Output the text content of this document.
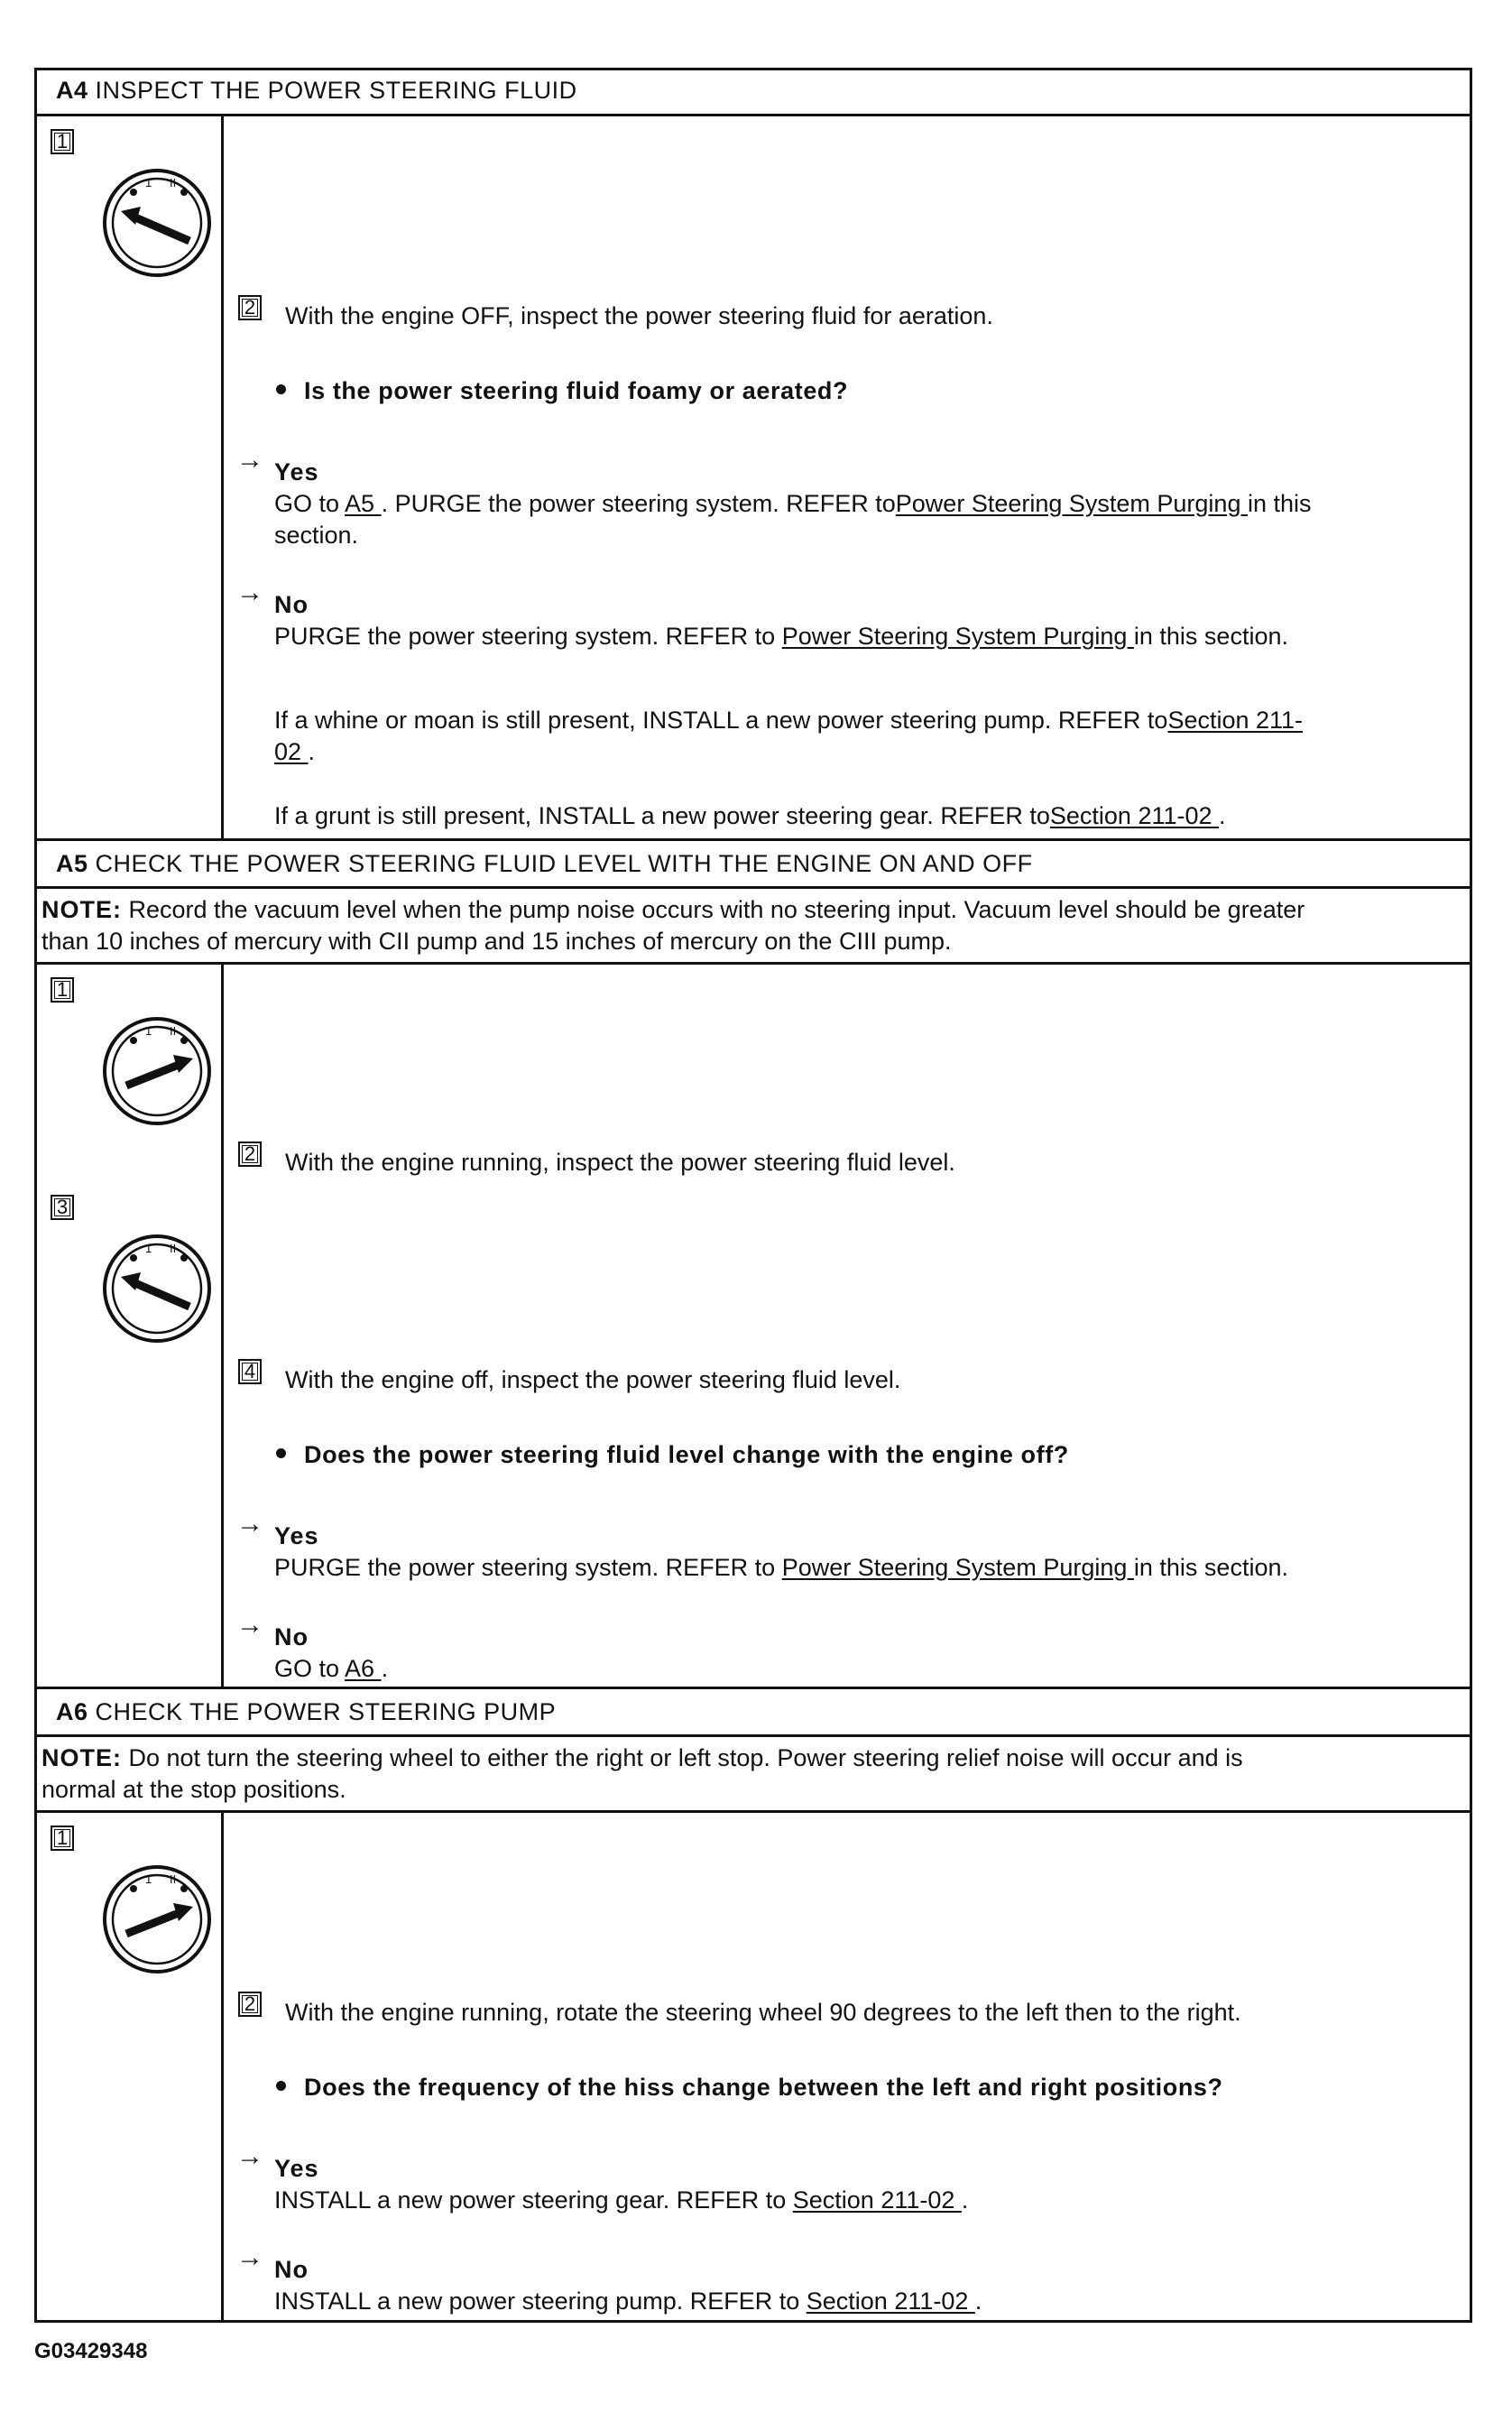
A4 INSPECT THE POWER STEERING FLUID
1
2 With the engine OFF, inspect the power steering fluid for aeration.
Is the power steering fluid foamy or aerated?
→ Yes
GO to A5 . PURGE the power steering system. REFER toPower Steering System Purging in this
section.
→ No
PURGE the power steering system. REFER to Power Steering System Purging in this section.
If a whine or moan is still present, INSTALL a new power steering pump. REFER toSection 211-
02 .
If a grunt is still present, INSTALL a new power steering gear. REFER toSection 211-02 .
A5 CHECK THE POWER STEERING FLUID LEVEL WITH THE ENGINE ON AND OFF
NOTE: Record the vacuum level when the pump noise occurs with no steering input. Vacuum level should be greater
than 10 inches of mercury with CII pump and 15 inches of mercury on the CIII pump.
1
2 With the engine running, inspect the power steering fluid level.
3
4 With the engine off, inspect the power steering fluid level.
Does the power steering fluid level change with the engine off?
→ Yes
PURGE the power steering system. REFER to Power Steering System Purging in this section.
→ No
GO to A6 .
A6 CHECK THE POWER STEERING PUMP
NOTE: Do not turn the steering wheel to either the right or left stop. Power steering relief noise will occur and is
normal at the stop positions.
1
2 With the engine running, rotate the steering wheel 90 degrees to the left then to the right.
Does the frequency of the hiss change between the left and right positions?
→ Yes
INSTALL a new power steering gear. REFER to Section 211-02 .
→ No
INSTALL a new power steering pump. REFER to Section 211-02 .
G03429348
